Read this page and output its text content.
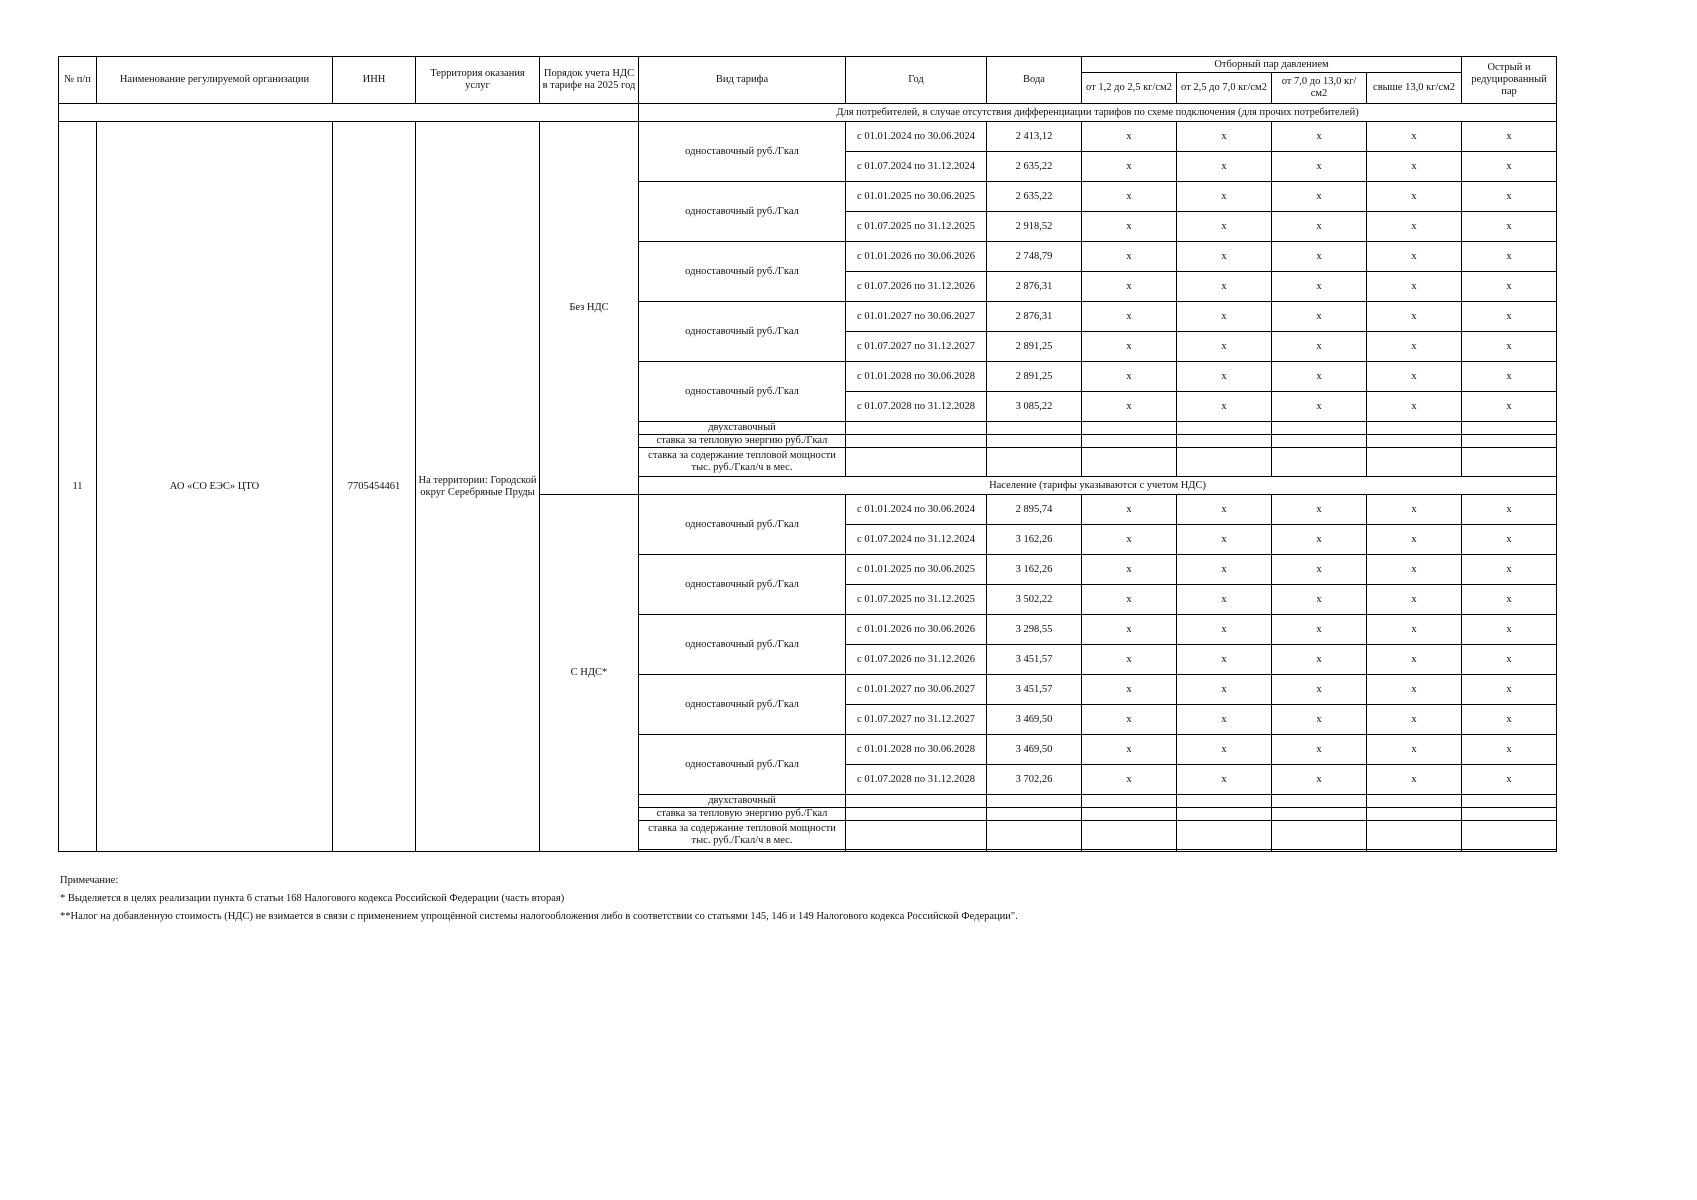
№ п/п	Наименование регулируемой организации	ИНН	Территория оказания услуг	Порядок учета НДС в тарифе на 2025 год	Вид тарифа	Год	Вода	Отборный пар давлением				Острый и редуцированный пар
								от 1,2 до 2,5 кг/см2	от 2,5 до 7,0 кг/см2	от 7,0 до 13,0 кг/см2	свыше 13,0 кг/см2	
					Для потребителей, в случае отсутствия дифференциации тарифов по схеме подключения (для прочих потребителей)							
11	АО «СО ЕЭС» ЦТО	7705454461	На территории: Городской округ Серебряные Пруды	Без НДС	одноставочный руб./Гкал	с 01.01.2024 по 30.06.2024	2 413,12	x	x	x	x	x
						с 01.07.2024 по 31.12.2024	2 635,22	x	x	x	x	x
					одноставочный руб./Гкал	с 01.01.2025 по 30.06.2025	2 635,22	x	x	x	x	x
						с 01.07.2025 по 31.12.2025	2 918,52	x	x	x	x	x
					одноставочный руб./Гкал	с 01.01.2026 по 30.06.2026	2 748,79	x	x	x	x	x
						с 01.07.2026 по 31.12.2026	2 876,31	x	x	x	x	x
					одноставочный руб./Гкал	с 01.01.2027 по 30.06.2027	2 876,31	x	x	x	x	x
						с 01.07.2027 по 31.12.2027	2 891,25	x	x	x	x	x
					одноставочный руб./Гкал	с 01.01.2028 по 30.06.2028	2 891,25	x	x	x	x	x
						с 01.07.2028 по 31.12.2028	3 085,22	x	x	x	x	x
					двухставочный							
					ставка за тепловую энергию руб./Гкал							
					ставка за содержание тепловой мощности тыс. руб./Гкал/ч в мес.							
					Население (тарифы указываются с учетом НДС)							
				С НДС*	одноставочный руб./Гкал	с 01.01.2024 по 30.06.2024	2 895,74	x	x	x	x	x
						с 01.07.2024 по 31.12.2024	3 162,26	x	x	x	x	x
					одноставочный руб./Гкал	с 01.01.2025 по 30.06.2025	3 162,26	x	x	x	x	x
						с 01.07.2025 по 31.12.2025	3 502,22	x	x	x	x	x
					одноставочный руб./Гкал	с 01.01.2026 по 30.06.2026	3 298,55	x	x	x	x	x
						с 01.07.2026 по 31.12.2026	3 451,57	x	x	x	x	x
					одноставочный руб./Гкал	с 01.01.2027 по 30.06.2027	3 451,57	x	x	x	x	x
						с 01.07.2027 по 31.12.2027	3 469,50	x	x	x	x	x
					одноставочный руб./Гкал	с 01.01.2028 по 30.06.2028	3 469,50	x	x	x	x	x
						с 01.07.2028 по 31.12.2028	3 702,26	x	x	x	x	x
					двухставочный							
					ставка за тепловую энергию руб./Гкал							
					ставка за содержание тепловой мощности тыс. руб./Гкал/ч в мес.							

Примечание:
* Выделяется в целях реализации пункта 6 статьи 168 Налогового кодекса Российской Федерации (часть вторая)
**Налог на добавленную стоимость (НДС) не взимается в связи с применением упрощённой системы налогообложения либо в соответствии со статьями 145, 146 и 149 Налогового кодекса Российской Федерации".
